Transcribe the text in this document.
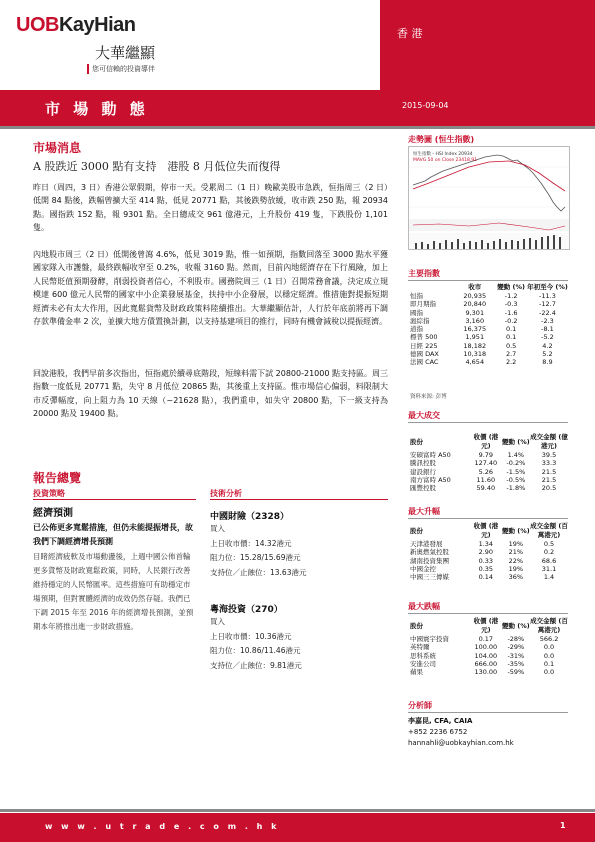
UOBKayHian
大華繼顯
您可信賴的投資導伴
香 港
市 場 動 態	2015-09-04
市場消息
A 股跌近 3000 點有支持　港股 8 月低位失而復得
昨日（周四，3 日）香港公眾假期，停市一天。受累周二（1 日）晚歐美股市急跌，恒指周三（2 日）低開 84 點後，跌幅曾擴大至 414 點，低見 20771 點，其後跌勢放緩，收市跌 250 點，報 20934 點。國指跌 152 點，報 9301 點。全日總成交 961 億港元，上升股份 419 隻，下跌股份 1,101 隻。
內地股市周三（2 日）低開後曾瀉 4.6%，低見 3019 點，惟一如預期，指數回落至 3000 點水平獲國家隊入市護盤，最終跌幅收窄至 0.2%，收報 3160 點。然而，目前內地經濟存在下行風險，加上人民幣貶值預期發酵，削弱投資者信心，不利股市。國務院周三（1 日）召開常務會議，決定成立規模達 600 億元人民幣的國家中小企業發展基金，扶持中小企發展，以穩定經濟。惟措施對提振短期經濟未必有太大作用，因此寬鬆貨幣及財政政策料陸續推出。大華繼顯估計，人行於年底前將再下調存款準備金率 2 次，並擴大地方債置換計劃，以支持基建項目的推行，同時有機會減稅以提振經濟。
回說港股，我們早前多次指出，恒指處於續尋底階段，短線料需下試 20800-21000 點支持區。周三指數一度低見 20771 點，失守 8 月低位 20865 點，其後重上支持區。惟市場信心偏弱，料限制大市反彈幅度，向上阻力為 10 天線（~21628 點），我們重申，如失守 20800 點，下一級支持為 20000 點及 19400 點。
報告總覽
投資策略
經濟預測
已公佈更多寬鬆措施，但仍未能提振增長，故我們下調經濟增長預測
目睹經濟疲軟及市場動盪後，上週中國公佈首輪更多貨幣及財政寬鬆政策，同時，人民銀行改善維持穩定的人民幣匯率。這些措施可有助穩定市場預期，但對實體經濟的成效仍然存疑。我們已下調 2015 年至 2016 年的經濟增長預測，並預期本年將推出進一步財政措施。
技術分析
中國財險（2328）
買入
上日收市價：14.32港元
阻力位：15.28/15.69港元
支持位／止蝕位：13.63港元
粵海投資（270）
買入
上日收市價：10.36港元
阻力位：10.86/11.46港元
支持位／止蝕位：9.81港元
走勢圖 (恒生指數)
恒生指數 - HSI Index 20934
MAVG 50 on Close 23418.91
主要指數
	收市	變動 (%)	年初至今 (%)
恒指	20,935	-1.2	-11.3
即月期指	20,840	-0.3	-12.7
國指	9,301	-1.6	-22.4
滬綜指	3,160	-0.2	-2.3
道指	16,375	0.1	-8.1
標普 500	1,951	0.1	-5.2
日經 225	18,182	0.5	4.2
德國 DAX	10,318	2.7	5.2
法國 CAC	4,654	2.2	8.9
資料來源: 彭博
最大成交
股份	收價 (港元)	變動 (%)	成交金額 (億港元)
安碩富時 A50	9.79	1.4%	39.5
騰訊控股	127.40	-0.2%	33.3
建設銀行	5.26	-1.5%	21.5
南方富時 A50	11.60	-0.5%	21.5
匯豐控股	59.40	-1.8%	20.5
最大升幅
股份	收價 (港元)	變動 (%)	成交金額 (百萬港元)
天津港發展	1.34	19%	0.5
新奧燃氣控股	2.90	21%	0.2
湖南投資集團	0.33	22%	68.6
中國金控	0.35	19%	31.1
中國三三傳媒	0.14	36%	1.4
最大跌幅
股份	收價 (港元)	變動 (%)	成交金額 (百萬港元)
中國寰宇投資	0.17	-28%	566.2
英特爾	100.00	-29%	0.0
思科系統	104.00	-31%	0.0
安進公司	666.00	-35%	0.1
蘋果	130.00	-59%	0.0
分析師
李嘉昆, CFA, CAIA
+852 2236 6752
hannahli@uobkayhian.com.hk
w w w . u t r a d e . c o m . h k	1
